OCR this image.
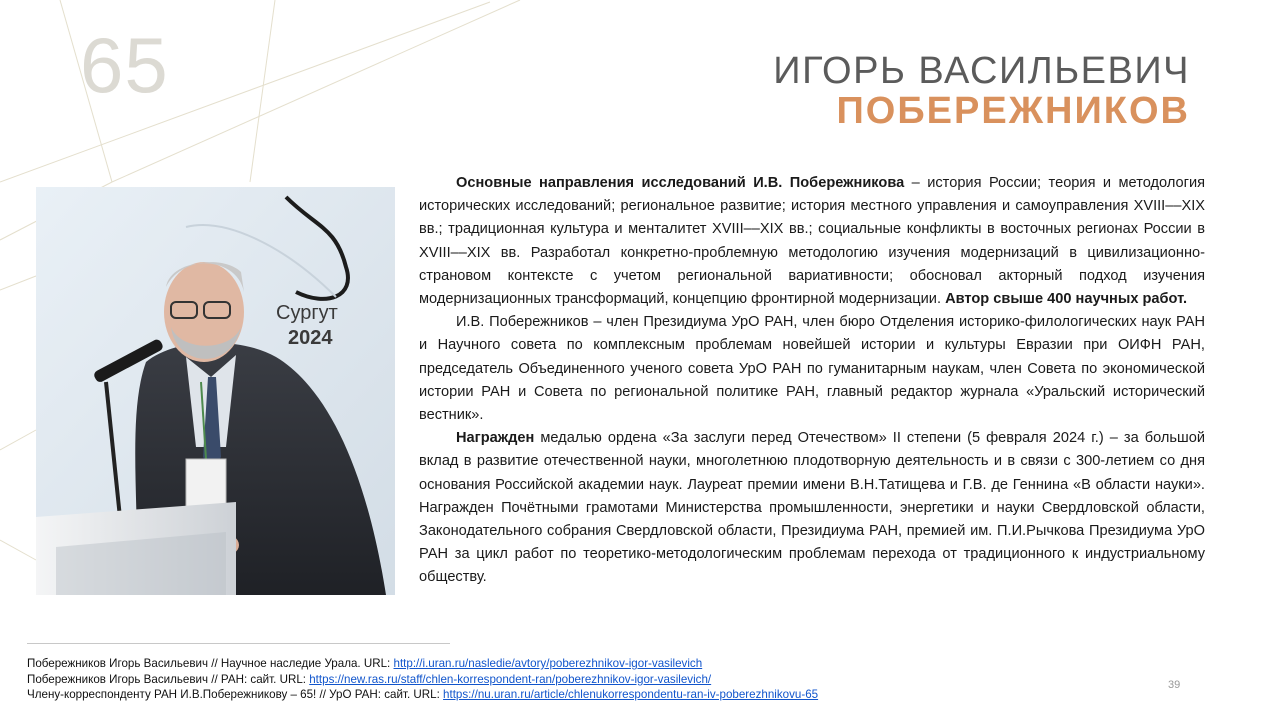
65	ИГОРЬ ВАСИЛЬЕВИЧ
ПОБЕРЕЖНИКОВ
Сургут
2024

Основные направления исследований И.В. Побережникова – история России; теория и методология исторических исследований; региональное развитие; история местного управления и самоуправления XVIII––XIX вв.; традиционная культура и менталитет XVIII––XIX вв.; социальные конфликты в восточных регионах России в XVIII––XIX вв. Разработал конкретно-проблемную методологию изучения модернизаций в цивилизационно-страновом контексте с учетом региональной вариативности; обосновал акторный подход изучения модернизационных трансформаций, концепцию фронтирной модернизации. Автор свыше 400 научных работ.

И.В. Побережников – член Президиума УрО РАН, член бюро Отделения историко-филологических наук РАН и Научного совета по комплексным проблемам новейшей истории и культуры Евразии при ОИФН РАН, председатель Объединенного ученого совета УрО РАН по гуманитарным наукам, член Совета по экономической истории РАН и Совета по региональной политике РАН, главный редактор журнала «Уральский исторический вестник».

Награжден медалью ордена «За заслуги перед Отечеством» II степени (5 февраля 2024 г.) – за большой вклад в развитие отечественной науки, многолетнюю плодотворную деятельность и в связи с 300-летием со дня основания Российской академии наук. Лауреат премии имени В.Н.Татищева и Г.В. де Геннина «В области науки». Награжден Почётными грамотами Министерства промышленности, энергетики и науки Свердловской области, Законодательного собрания Свердловской области, Президиума РАН, премией им. П.И.Рычкова Президиума УрО РАН за цикл работ по теоретико-методологическим проблемам перехода от традиционного к индустриальному обществу.

Побережников Игорь Васильевич // Научное наследие Урала. URL: http://i.uran.ru/nasledie/avtory/poberezhnikov-igor-vasilevich
Побережников Игорь Васильевич // РАН: сайт. URL: https://new.ras.ru/staff/chlen-korrespondent-ran/poberezhnikov-igor-vasilevich/
Члену-корреспонденту РАН И.В.Побережникову – 65! // УрО РАН: сайт. URL: https://nu.uran.ru/article/chlenukorrespondentu-ran-iv-poberezhnikovu-65
39
